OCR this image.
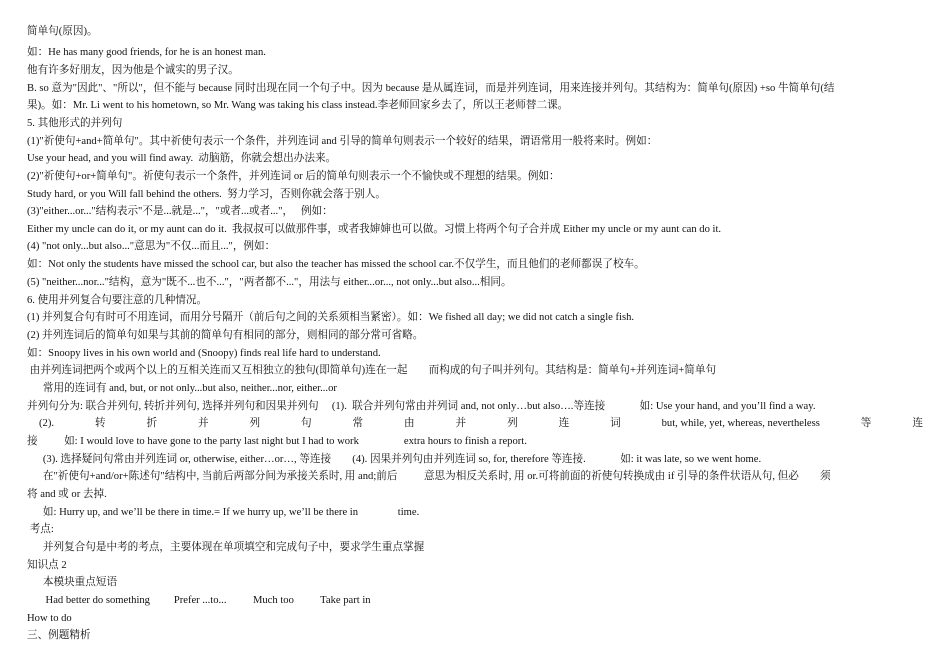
简单句(原因)。
如：He has many good friends, for he is an honest man.
他有许多好朋友，因为他是个诚实的男子汉。
B. so 意为"因此"、"所以"，但不能与 because 同时出现在同一个句子中。因为 because 是从属连词，而是并列连词，用来连接并列句。其结构为：简单句(原因) +so 牛简单句(结
果)。如：Mr. Li went to his hometown, so Mr. Wang was taking his class instead.李老师回家乡去了，所以王老师替二课。
5. 其他形式的并列句
(1)"祈使句+and+简单句"。其中祈使句表示一个条件，并列连词 and 引导的简单句则表示一个较好的结果，谓语常用一般将来时。例如：
Use your head, and you will find away.  动脑筋，你就会想出办法来。
(2)"祈使句+or+简单句"。祈使句表示一个条件，并列连词 or 后的简单句则表示一个不愉快或不理想的结果。例如：
Study hard, or you Will fall behind the others.  努力学习，否则你就会落于别人。
(3)"either...or..."结构表示"不是...就是..."，"或者...或者..."，   例如：
Either my uncle can do it, or my aunt can do it.  我叔叔可以做那件事，或者我婶婶也可以做。习惯上将两个句子合并成 Either my uncle or my aunt can do it.
(4) "not only...but also..."意思为"不仅...而且..."，例如：
如：Not only the students have missed the school car, but also the teacher has missed the school car.不仅学生，而且他们的老师都误了校车。
(5) "neither...nor..."结构，意为"既不...也不..."，"两者都不..."，用法与 either...or..., not only...but also...相同。
6. 使用并列复合句要注意的几种情况。
(1) 并列复合句有时可不用连词，而用分号隔开（前后句之间的关系须相当紧密）。如：We fished all day; we did not catch a single fish.
(2) 并列连词后的简单句如果与其前的简单句有相同的部分，则相同的部分常可省略。
如：Snoopy lives in his own world and (Snoopy) finds real life hard to understand.
由并列连词把两个或两个以上的互相关连而又互相独立的独句(即简单句)连在一起        而构成的句子叫并列句。其结构是：简单句+并列连词+简单句
常用的连词有 and, but, or not only...but also, neither...nor, either...or
并列句分为: 联合并列句, 转折并列句, 选择并列句和因果并列句     (1).  联合并列句常由并列词 and, not only…but also….等连接             如: Use your hand, and you’ll find a way.
(2).	转	折	并	列	句	常	由	并	列	连	词	but, while, yet, whereas, nevertheless	等	连
接          如: I would love to have gone to the party last night but I had to work                 extra hours to finish a report.
(3). 选择疑问句常由并列连词 or, otherwise, either…or…, 等连接        (4). 因果并列句由并列连词 so, for, therefore 等连接.             如: it was late, so we went home.
在"祈使句+and/or+陈述句"结构中, 当前后两部分间为承接关系时, 用 and;前后          意思为相反关系时, 用 or.可将前面的祈使句转换成由 if 引导的条件状语从句, 但必        须
将 and 或 or 去掉.
如: Hurry up, and we’ll be there in time.= If we hurry up, we’ll be there in               time.
考点:
并列复合句是中考的考点，主要体现在单项填空和完成句子中，要求学生重点掌握
知识点 2
本模块重点短语
Had better do something         Prefer ...to...          Much too          Take part in
How to do
三、例题精析
